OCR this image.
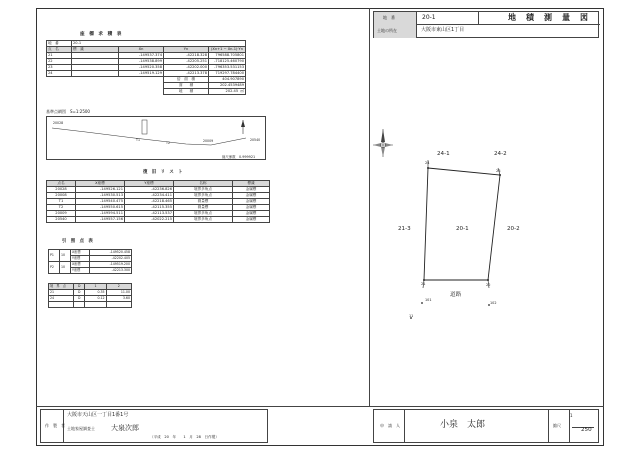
地　番	20-1	地　積　測　量　図
土地の所在	大阪市東山区1丁目
座　標　求　積　表
地　番	20-1			
点　名	標　識	Xn	Yn	(Xn+1 − Xn-1)·Yn
21		-149537.374	-42218.328	796588.705801
22		-149538.899	-42205.251	-718125.460790
23		-149520.358	-42202.000	-796353.531153
24		-149519.129	-42213.378	719297.784400
			倍　面　積	404.907890
			面　　積	202.4539489
			地　　積	202.45 ㎡
基準点網図　S=1:2500
20028
T1
T2	20009	20540
縮尺係数　0.999921
復　旧　リ　ス　ト
点名	X座標	Y座標	名称	標識
20028	-149526.121	-42236.826	境界多角点	金属標
20008	-149530.513	-42234.411	境界多角点	金属標
T1	-149540.475	-42218.465	測量標	金属標
T2	-149550.615	-42115.355	測量標	金属標
20009	-149594.511	-42113.537	境界多角点	金属標
20540	-149557.156	-42022.215	境界多角点	金属標
引　照　点　表
P1	10	X座標	-149520.458
		Y座標	-42202.405
P2	10	X座標	-149519.200
		Y座標	-42213.300
境　界　点	D	1	2
21	D	0.35	11.00
24	D	0.12	3.60

24-1	24-2
21-3	20-1	20-2
道路
24
23
22
21
101
102
11
作　製　者
大阪市天山区一丁目1番1号
土地家屋調査士 大泉次郎
（平成　20　年　　1　月　28　日作製）
申　請　人	小泉　太郎	縮尺
1
250
